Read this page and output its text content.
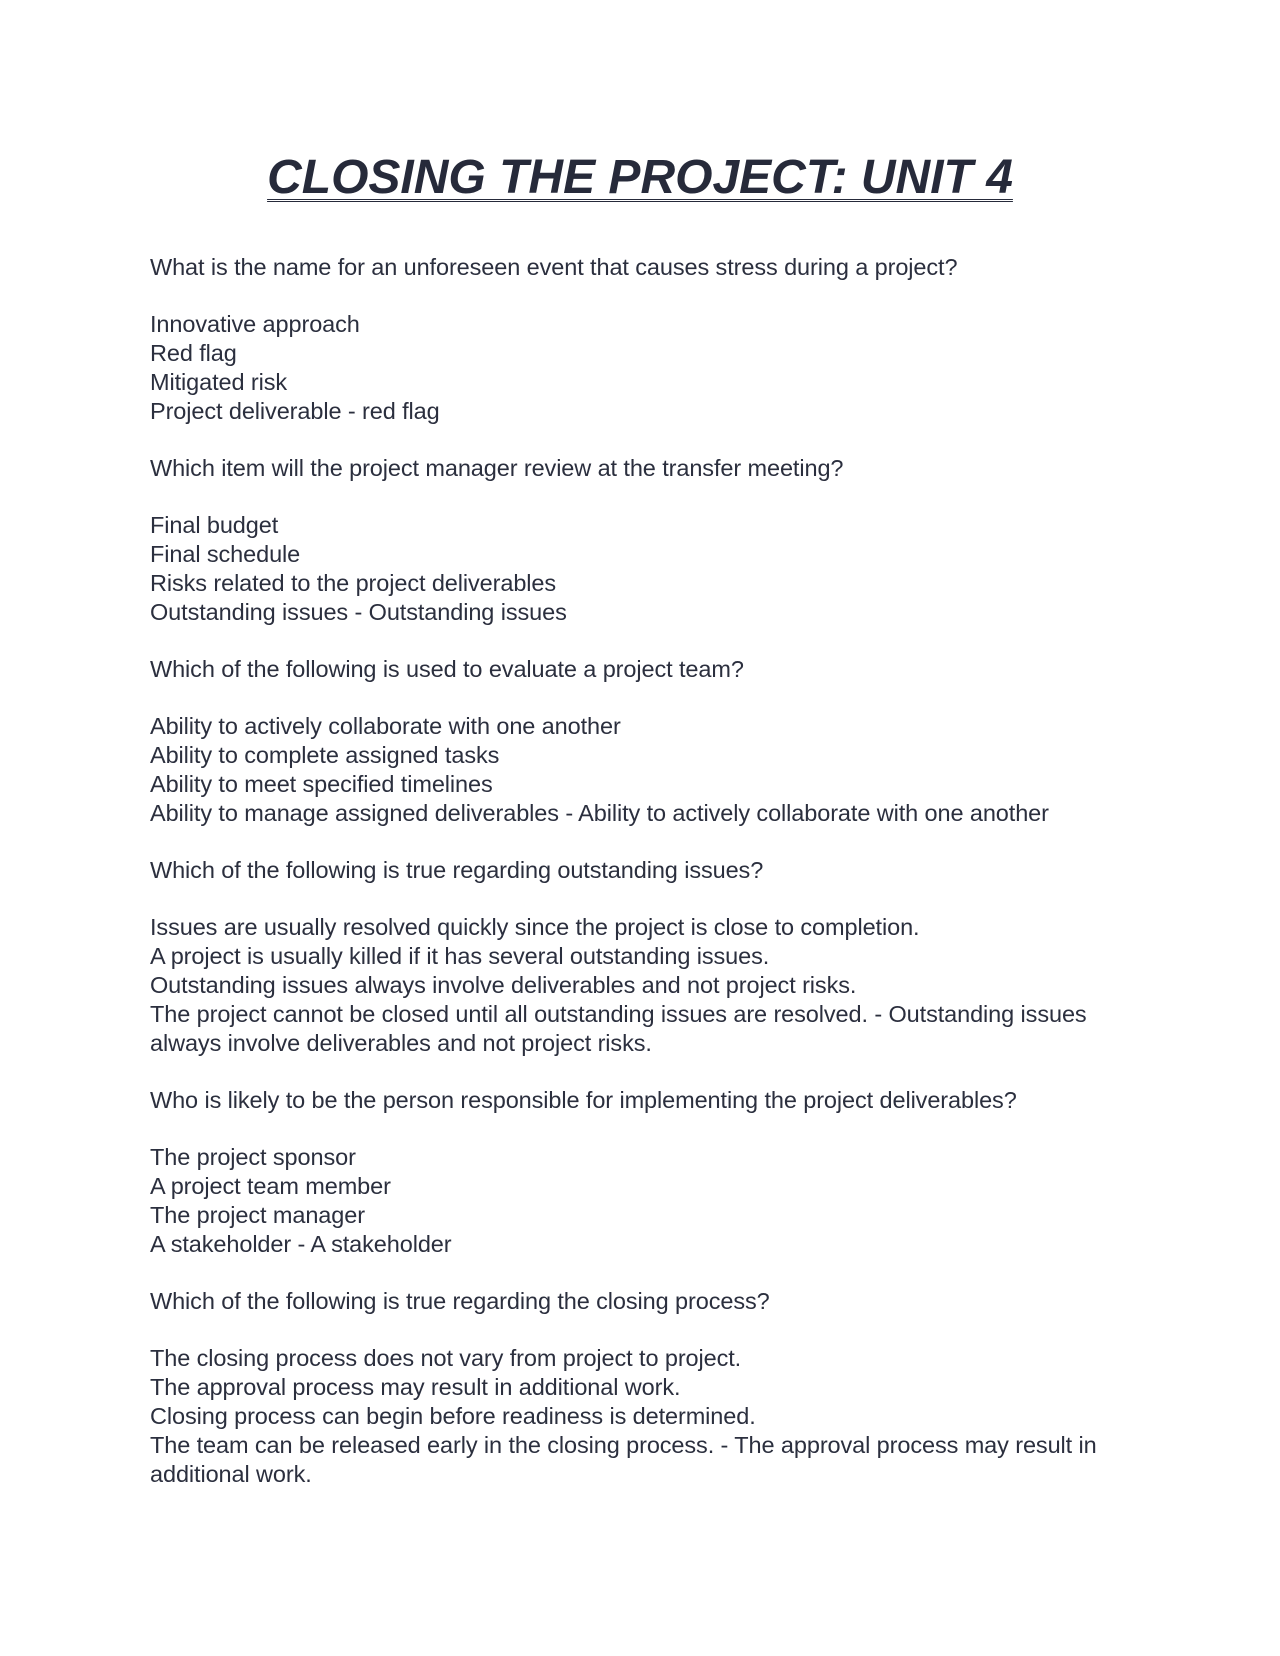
CLOSING THE PROJECT: UNIT 4
What is the name for an unforeseen event that causes stress during a project?
Innovative approach
Red flag
Mitigated risk
Project deliverable - red flag
Which item will the project manager review at the transfer meeting?
Final budget
Final schedule
Risks related to the project deliverables
Outstanding issues - Outstanding issues
Which of the following is used to evaluate a project team?
Ability to actively collaborate with one another
Ability to complete assigned tasks
Ability to meet specified timelines
Ability to manage assigned deliverables - Ability to actively collaborate with one another
Which of the following is true regarding outstanding issues?
Issues are usually resolved quickly since the project is close to completion.
A project is usually killed if it has several outstanding issues.
Outstanding issues always involve deliverables and not project risks.
The project cannot be closed until all outstanding issues are resolved. - Outstanding issues always involve deliverables and not project risks.
Who is likely to be the person responsible for implementing the project deliverables?
The project sponsor
A project team member
The project manager
A stakeholder - A stakeholder
Which of the following is true regarding the closing process?
The closing process does not vary from project to project.
The approval process may result in additional work.
Closing process can begin before readiness is determined.
The team can be released early in the closing process. - The approval process may result in additional work.
